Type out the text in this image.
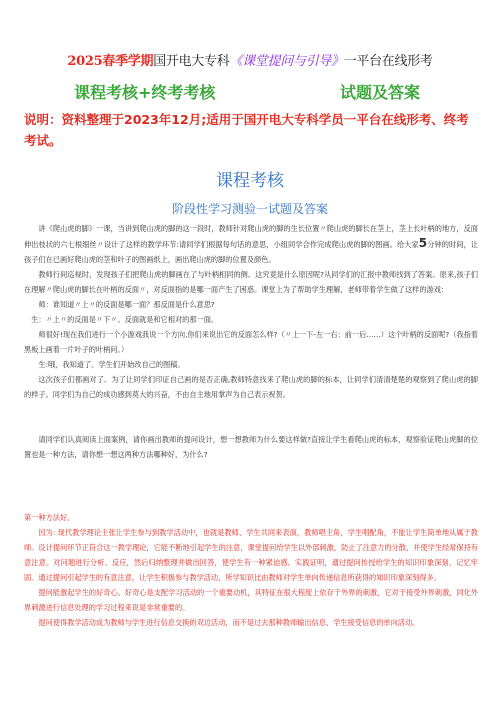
2025春季学期国开电大专科《课堂提问与引导》一平台在线形考
课程考核+终考考核	试题及答案
说明：资料整理于2023年12月;适用于国开电大专科学员一平台在线形考、终考考试。
课程考核
阶段性学习测验一试题及答案

讲《爬山虎的脚》一课，当讲到爬山虎的脚的这一段时，教师针对爬山虎的脚的生长位置〃爬山虎的脚长在茎上，茎上长叶柄的地方，反面伸出枝状的六七根细丝〃设计了这样的教学环节:请同学们根据每句话的意思，小组同学合作完成爬山虎的脚的图画。给大家5分钟的时间，让孩子们在已画好爬山虎的茎和叶子的图画纸上，画出爬山虎的脚的位置及颜色。

教师行间巡视时，发现孩子们把爬山虎的脚画在了与叶柄相同的侧。这究竟是什么原因呢?从同学们的汇报中教师找到了答案。原来,孩子们在理解〃爬山虎的脚长在叶柄的反面〃，对反面指的是哪一面产生了困惑。课堂上为了帮助学生理解，老师带着学生做了这样的游戏：

师：谁知道〃上〃的反面是哪一面？那反面是什么意思?

生：〃上〃的反面是〃下〃。反面就是和它相对的那一面。

师很好!现在我们进行一个小游戏我说一个方向,你们来说出它的反面怎么样?（〃上一下-左一右：前一后……）这个叶柄的反面呢?（我指着黑板上画着一片叶子的叶柄问。）

生:哦，我知道了。学生们开始改自己的图稿。

这次孩子们都画对了。为了让同学们印证自己画的是否正确,教师特意找来了爬山虎的脚的标本，让同学们清清楚楚的观察到了爬山虎的脚的样子。同学们为自己的成功感到莫大的兴奋，不由自主地用掌声为自己表示祝贺。

请同学们认真阅读上面案例，请你画出教师的提问设计，想一想教师为什么要这样做?直接让学生看爬山虎的标本，观察验证爬山虎脚的位置也是一种方法，请你想一想这两种方法哪种好，为什么?

第一种方法好。

因为: 现代教学理论主张让学生参与到教学活动中，也就是教师、学生共同来表演，教师唱主角，学生唱配角，不能让学生简单地从属于教师。设计提问环节正符合这一教学理论，它能不断地引起学生的注意，课堂提问给学生以外部刺激，防止了注意力的分散，并使学生经常保持有意注意。对问题进行分析、反应，然后归纳整理并做出回答，使学生有一种紧迫感。实践证明，通过提问传授给学生的知识印象深刻，记忆牢固。通过提问引起学生的有意注意，让学生积极参与教学活动，所学知识比由教师对学生单向传递信息所获得的知识印象深刻得多。

提问能激起学生的好奇心。好奇心是支配学习活动的一个重要动机，其特征在很大程度上依存于外界的刺激，它对于接受外界刺激，同化外界刺激进行信息处理的学习过程来说是非常重要的。

提问使得教学活动成为教师与学生进行信息交换的双边活动，而不是过去那种教师输出信息、学生接受信息的单向活动。
